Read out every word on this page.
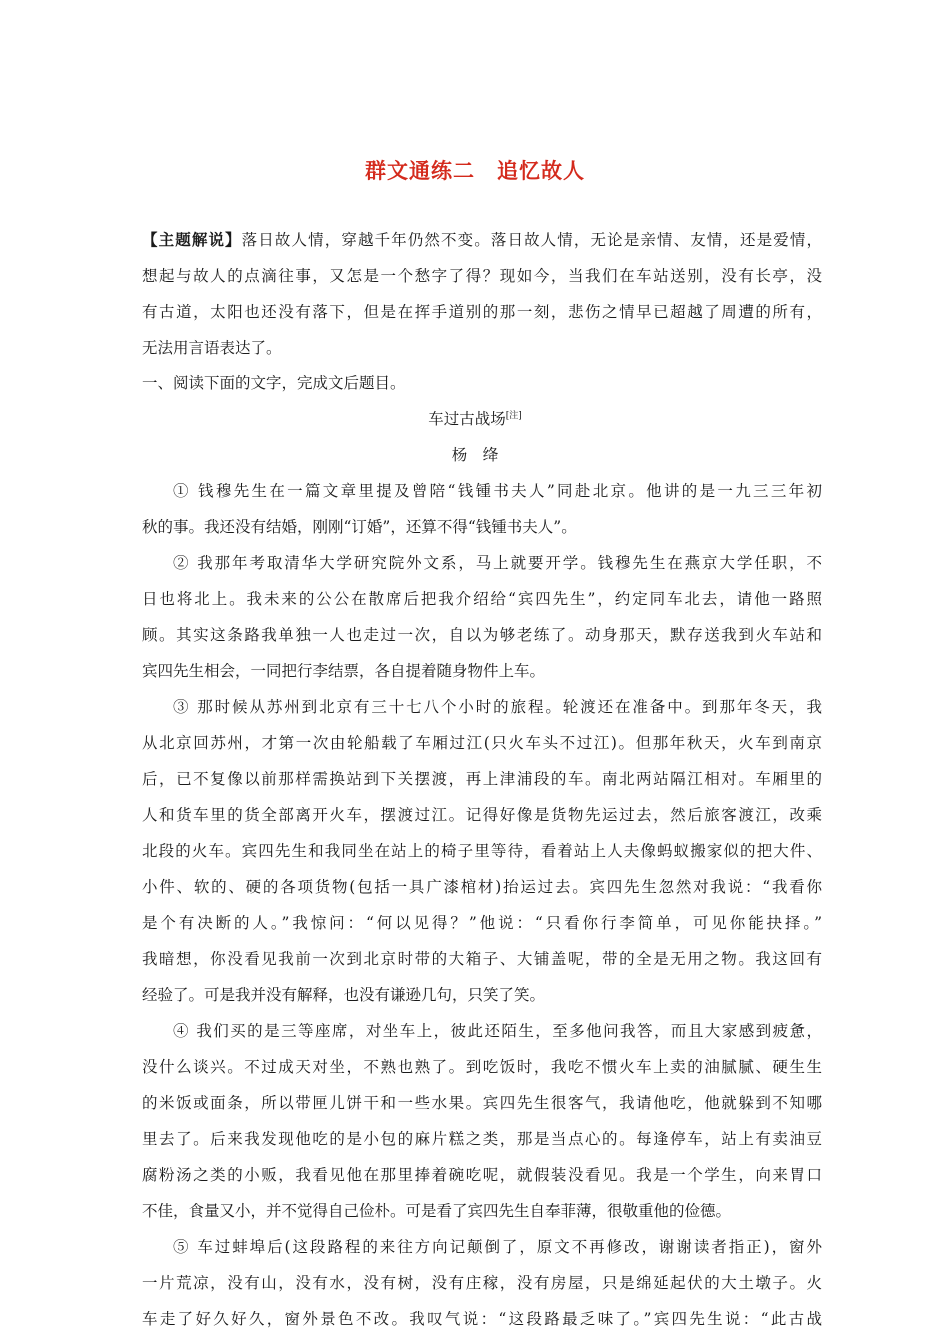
群文通练二　追忆故人
【主题解说】落日故人情，穿越千年仍然不变。落日故人情，无论是亲情、友情，还是爱情，
想起与故人的点滴往事，又怎是一个愁字了得？现如今，当我们在车站送别，没有长亭，没
有古道，太阳也还没有落下，但是在挥手道别的那一刻，悲伤之情早已超越了周遭的所有，
无法用言语表达了。
一、阅读下面的文字，完成文后题目。
车过古战场[注]
杨　绛
① 钱穆先生在一篇文章里提及曾陪“钱锺书夫人”同赴北京。他讲的是一九三三年初
秋的事。我还没有结婚，刚刚“订婚”，还算不得“钱锺书夫人”。
② 我那年考取清华大学研究院外文系，马上就要开学。钱穆先生在燕京大学任职，不
日也将北上。我未来的公公在散席后把我介绍给“宾四先生”，约定同车北去，请他一路照
顾。其实这条路我单独一人也走过一次，自以为够老练了。动身那天，默存送我到火车站和
宾四先生相会，一同把行李结票，各自提着随身物件上车。
③ 那时候从苏州到北京有三十七八个小时的旅程。轮渡还在准备中。到那年冬天，我
从北京回苏州，才第一次由轮船载了车厢过江(只火车头不过江)。但那年秋天，火车到南京
后，已不复像以前那样需换站到下关摆渡，再上津浦段的车。南北两站隔江相对。车厢里的
人和货车里的货全部离开火车，摆渡过江。记得好像是货物先运过去，然后旅客渡江，改乘
北段的火车。宾四先生和我同坐在站上的椅子里等待，看着站上人夫像蚂蚁搬家似的把大件、
小件、软的、硬的各项货物(包括一具广漆棺材)抬运过去。宾四先生忽然对我说：“我看你
是个有决断的人。”我惊问：“何以见得？”他说：“只看你行李简单，可见你能抉择。”
我暗想，你没看见我前一次到北京时带的大箱子、大铺盖呢，带的全是无用之物。我这回有
经验了。可是我并没有解释，也没有谦逊几句，只笑了笑。
④ 我们买的是三等座席，对坐车上，彼此还陌生，至多他问我答，而且大家感到疲惫，
没什么谈兴。不过成天对坐，不熟也熟了。到吃饭时，我吃不惯火车上卖的油腻腻、硬生生
的米饭或面条，所以带匣儿饼干和一些水果。宾四先生很客气，我请他吃，他就躲到不知哪
里去了。后来我发现他吃的是小包的麻片糕之类，那是当点心的。每逢停车，站上有卖油豆
腐粉汤之类的小贩，我看见他在那里捧着碗吃呢，就假装没看见。我是一个学生，向来胃口
不佳，食量又小，并不觉得自己俭朴。可是看了宾四先生自奉菲薄，很敬重他的俭德。
⑤ 车过蚌埠后(这段路程的来往方向记颠倒了，原文不再修改，谢谢读者指正)，窗外
一片荒凉，没有山，没有水，没有树，没有庄稼，没有房屋，只是绵延起伏的大土墩子。火
车走了好久好久，窗外景色不改。我叹气说：“这段路最乏味了。”宾四先生说：“此古战
